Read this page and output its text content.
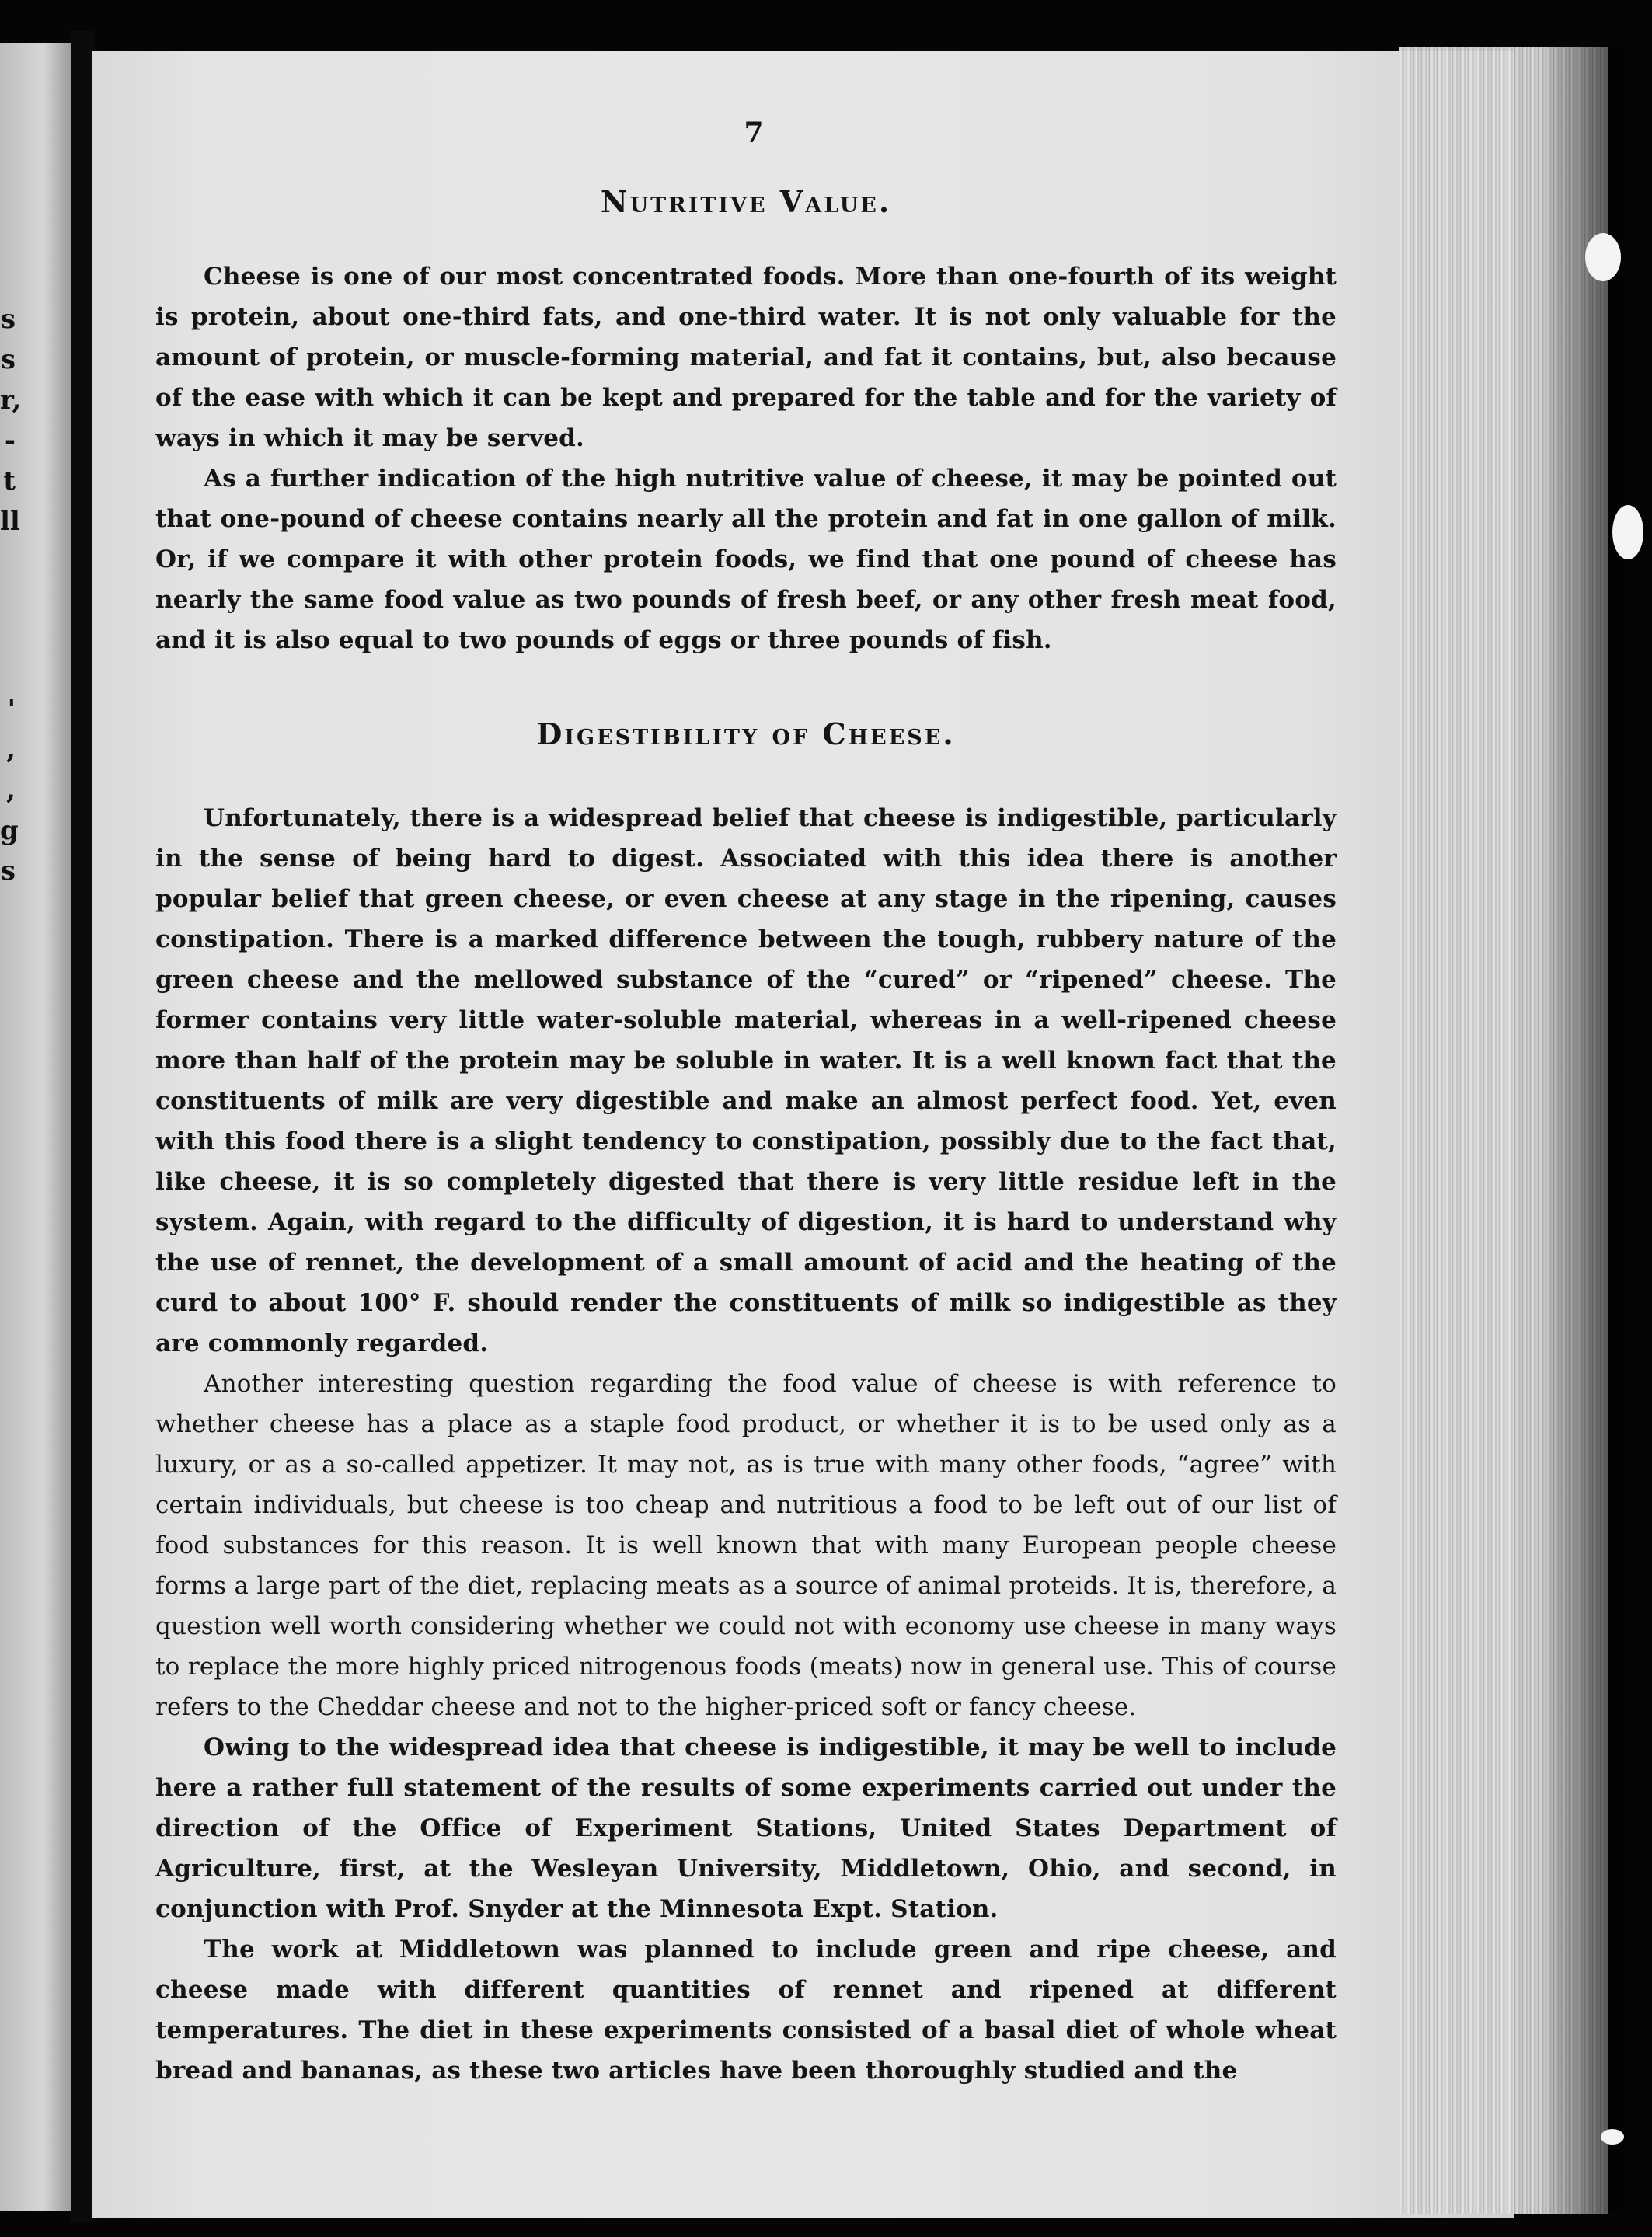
s
s
r,
-
t
ll
'
,
,
g
s
7
Nutritive Value.

Cheese is one of our most concentrated foods. More than one-fourth of its weight is protein, about one-third fats, and one-third water. It is not only valuable for the amount of protein, or muscle-forming material, and fat it contains, but, also because of the ease with which it can be kept and prepared for the table and for the variety of ways in which it may be served.

As a further indication of the high nutritive value of cheese, it may be pointed out that one-pound of cheese contains nearly all the protein and fat in one gallon of milk. Or, if we compare it with other protein foods, we find that one pound of cheese has nearly the same food value as two pounds of fresh beef, or any other fresh meat food, and it is also equal to two pounds of eggs or three pounds of fish.

Digestibility of Cheese.

Unfortunately, there is a widespread belief that cheese is indigestible, particularly in the sense of being hard to digest. Associated with this idea there is another popular belief that green cheese, or even cheese at any stage in the ripening, causes constipation. There is a marked difference between the tough, rubbery nature of the green cheese and the mellowed substance of the “cured” or “ripened” cheese. The former contains very little water-soluble material, whereas in a well-ripened cheese more than half of the protein may be soluble in water. It is a well known fact that the constituents of milk are very digestible and make an almost perfect food. Yet, even with this food there is a slight tendency to constipation, possibly due to the fact that, like cheese, it is so completely digested that there is very little residue left in the system. Again, with regard to the difficulty of digestion, it is hard to understand why the use of rennet, the development of a small amount of acid and the heating of the curd to about 100° F. should render the constituents of milk so indigestible as they are commonly regarded.

Another interesting question regarding the food value of cheese is with reference to whether cheese has a place as a staple food product, or whether it is to be used only as a luxury, or as a so-called appetizer. It may not, as is true with many other foods, “agree” with certain individuals, but cheese is too cheap and nutritious a food to be left out of our list of food substances for this reason. It is well known that with many European people cheese forms a large part of the diet, replacing meats as a source of animal proteids. It is, therefore, a question well worth considering whether we could not with economy use cheese in many ways to replace the more highly priced nitrogenous foods (meats) now in general use. This of course refers to the Cheddar cheese and not to the higher-priced soft or fancy cheese.

Owing to the widespread idea that cheese is indigestible, it may be well to include here a rather full statement of the results of some experiments carried out under the direction of the Office of Experiment Stations, United States Department of Agriculture, first, at the Wesleyan University, Middletown, Ohio, and second, in conjunction with Prof. Snyder at the Minnesota Expt. Station.

The work at Middletown was planned to include green and ripe cheese, and cheese made with different quantities of rennet and ripened at different temperatures. The diet in these experiments consisted of a basal diet of whole wheat bread and bananas, as these two articles have been thoroughly studied and the
